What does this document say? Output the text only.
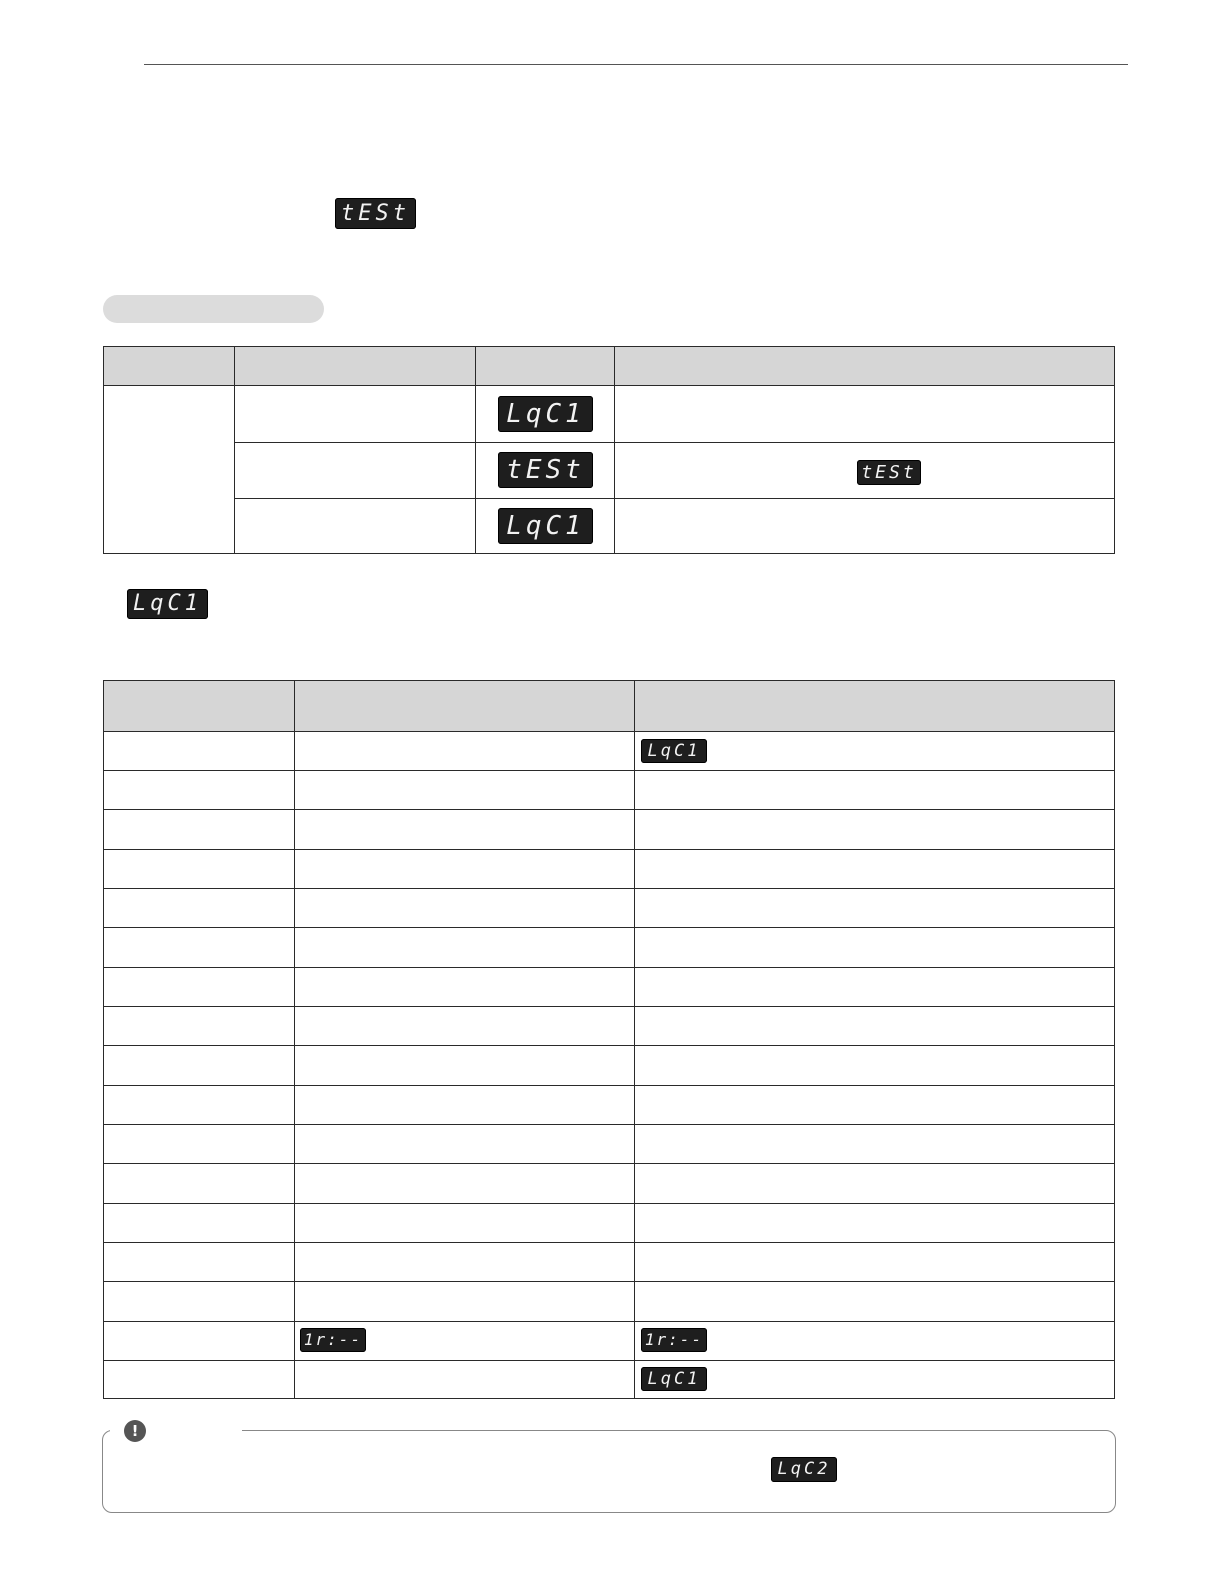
tESt
LqC1
tESt	tESt
LqC1
LqC1
LqC1
1r:--	1r:--
LqC1
!
LqC2
